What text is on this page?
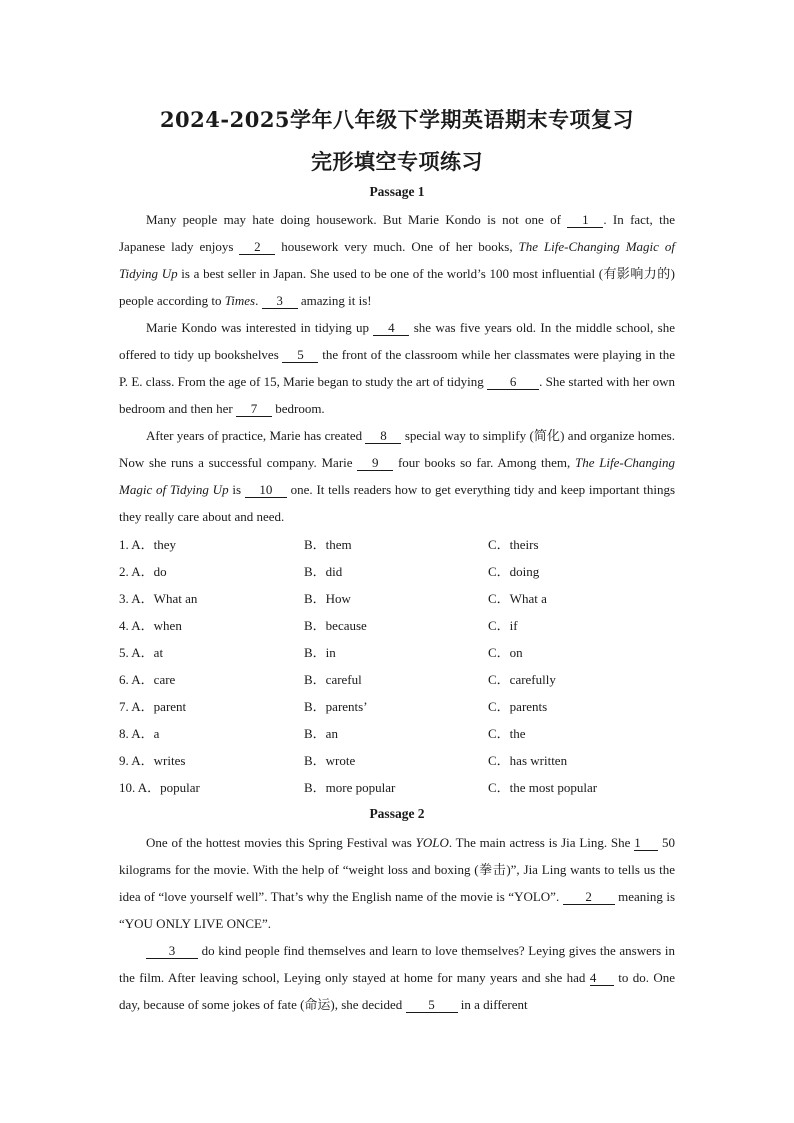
2024-2025学年八年级下学期英语期末专项复习
完形填空专项练习
Passage 1

Many people may hate doing housework. But Marie Kondo is not one of 1 . In fact, the Japanese lady enjoys 2 housework very much. One of her books, The Life-Changing Magic of Tidying Up is a best seller in Japan. She used to be one of the world’s 100 most influential (有影响力的) people according to Times. 3 amazing it is!

Marie Kondo was interested in tidying up 4 she was five years old. In the middle school, she offered to tidy up bookshelves 5 the front of the classroom while her classmates were playing in the P. E. class. From the age of 15, Marie began to study the art of tidying 6 . She started with her own bedroom and then her 7 bedroom.

After years of practice, Marie has created 8 special way to simplify (简化) and organize homes. Now she runs a successful company. Marie 9 four books so far. Among them, The Life-Changing Magic of Tidying Up is 10 one. It tells readers how to get everything tidy and keep important things they really care about and need.

1. A．they	B．them	C．theirs
2. A．do	B．did	C．doing
3. A．What an	B．How	C．What a
4. A．when	B．because	C．if
5. A．at	B．in	C．on
6. A．care	B．careful	C．carefully
7. A．parent	B．parents’	C．parents
8. A．a	B．an	C．the
9. A．writes	B．wrote	C．has written
10. A．popular	B．more popular	C．the most popular
Passage 2

One of the hottest movies this Spring Festival was YOLO. The main actress is Jia Ling. She 1 50 kilograms for the movie. With the help of “weight loss and boxing (拳击)”, Jia Ling wants to tells us the idea of “love yourself well”. That’s why the English name of the movie is “YOLO”. 2 meaning is “YOU ONLY LIVE ONCE”.

3 do kind people find themselves and learn to love themselves? Leying gives the answers in the film. After leaving school, Leying only stayed at home for many years and she had 4 to do. One day, because of some jokes of fate (命运), she decided 5 in a different
